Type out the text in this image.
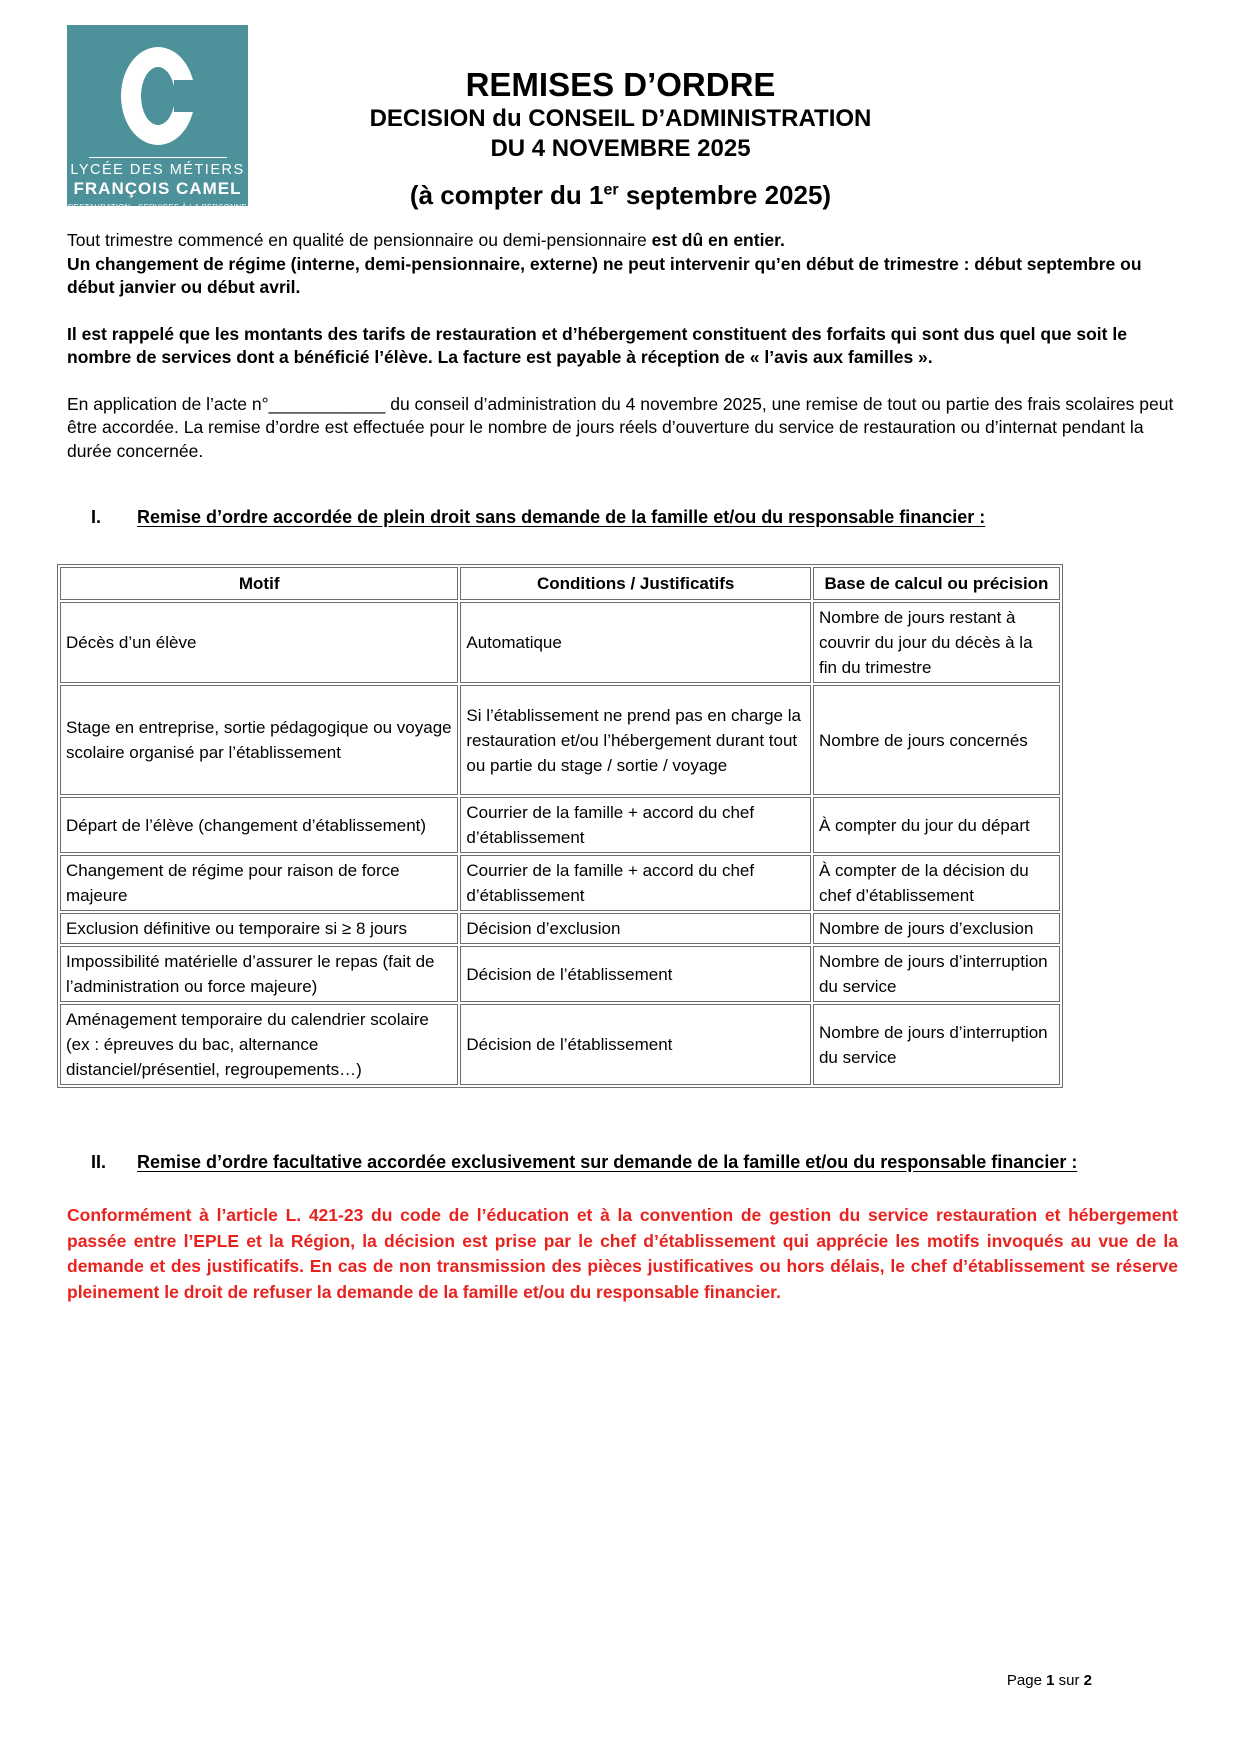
LYCÉE DES MÉTIERS
FRANÇOIS CAMEL
RESTAURATION - SERVICES À LA PERSONNE
REMISES D’ORDRE
DECISION du CONSEIL D’ADMINISTRATION
DU 4 NOVEMBRE 2025
(à compter du 1er septembre 2025)

Tout trimestre commencé en qualité de pensionnaire ou demi-pensionnaire est dû en entier.
Un changement de régime (interne, demi-pensionnaire, externe) ne peut intervenir qu’en début de trimestre : début septembre ou début janvier ou début avril.

Il est rappelé que les montants des tarifs de restauration et d’hébergement constituent des forfaits qui sont dus quel que soit le nombre de services dont a bénéficié l’élève. La facture est payable à réception de « l’avis aux familles ».

En application de l’acte n°____________ du conseil d’administration du 4 novembre 2025, une remise de tout ou partie des frais scolaires peut être accordée. La remise d’ordre est effectuée pour le nombre de jours réels d’ouverture du service de restauration ou d’internat pendant la durée concernée.

I.	Remise d’ordre accordée de plein droit sans demande de la famille et/ou du responsable financier :
Motif	Conditions / Justificatifs	Base de calcul ou précision
Décès d’un élève	Automatique	Nombre de jours restant à couvrir du jour du décès à la fin du trimestre
Stage en entreprise, sortie pédagogique ou voyage scolaire organisé par l’établissement	Si l’établissement ne prend pas en charge la restauration et/ou l’hébergement durant tout ou partie du stage / sortie / voyage	Nombre de jours concernés
Départ de l’élève (changement d’établissement)	Courrier de la famille + accord du chef d’établissement	À compter du jour du départ
Changement de régime pour raison de force majeure	Courrier de la famille + accord du chef d’établissement	À compter de la décision du chef d’établissement
Exclusion définitive ou temporaire si ≥ 8 jours	Décision d’exclusion	Nombre de jours d’exclusion
Impossibilité matérielle d’assurer le repas (fait de l’administration ou force majeure)	Décision de l’établissement	Nombre de jours d’interruption du service
Aménagement temporaire du calendrier scolaire (ex : épreuves du bac, alternance distanciel/présentiel, regroupements…)	Décision de l’établissement	Nombre de jours d’interruption du service
II.	Remise d’ordre facultative accordée exclusivement sur demande de la famille et/ou du responsable financier :

Conformément à l’article L. 421-23 du code de l’éducation et à la convention de gestion du service restauration et hébergement passée entre l’EPLE et la Région, la décision est prise par le chef d’établissement qui apprécie les motifs invoqués au vue de la demande et des justificatifs. En cas de non transmission des pièces justificatives ou hors délais, le chef d’établissement se réserve pleinement le droit de refuser la demande de la famille et/ou du responsable financier.

Page 1 sur 2
